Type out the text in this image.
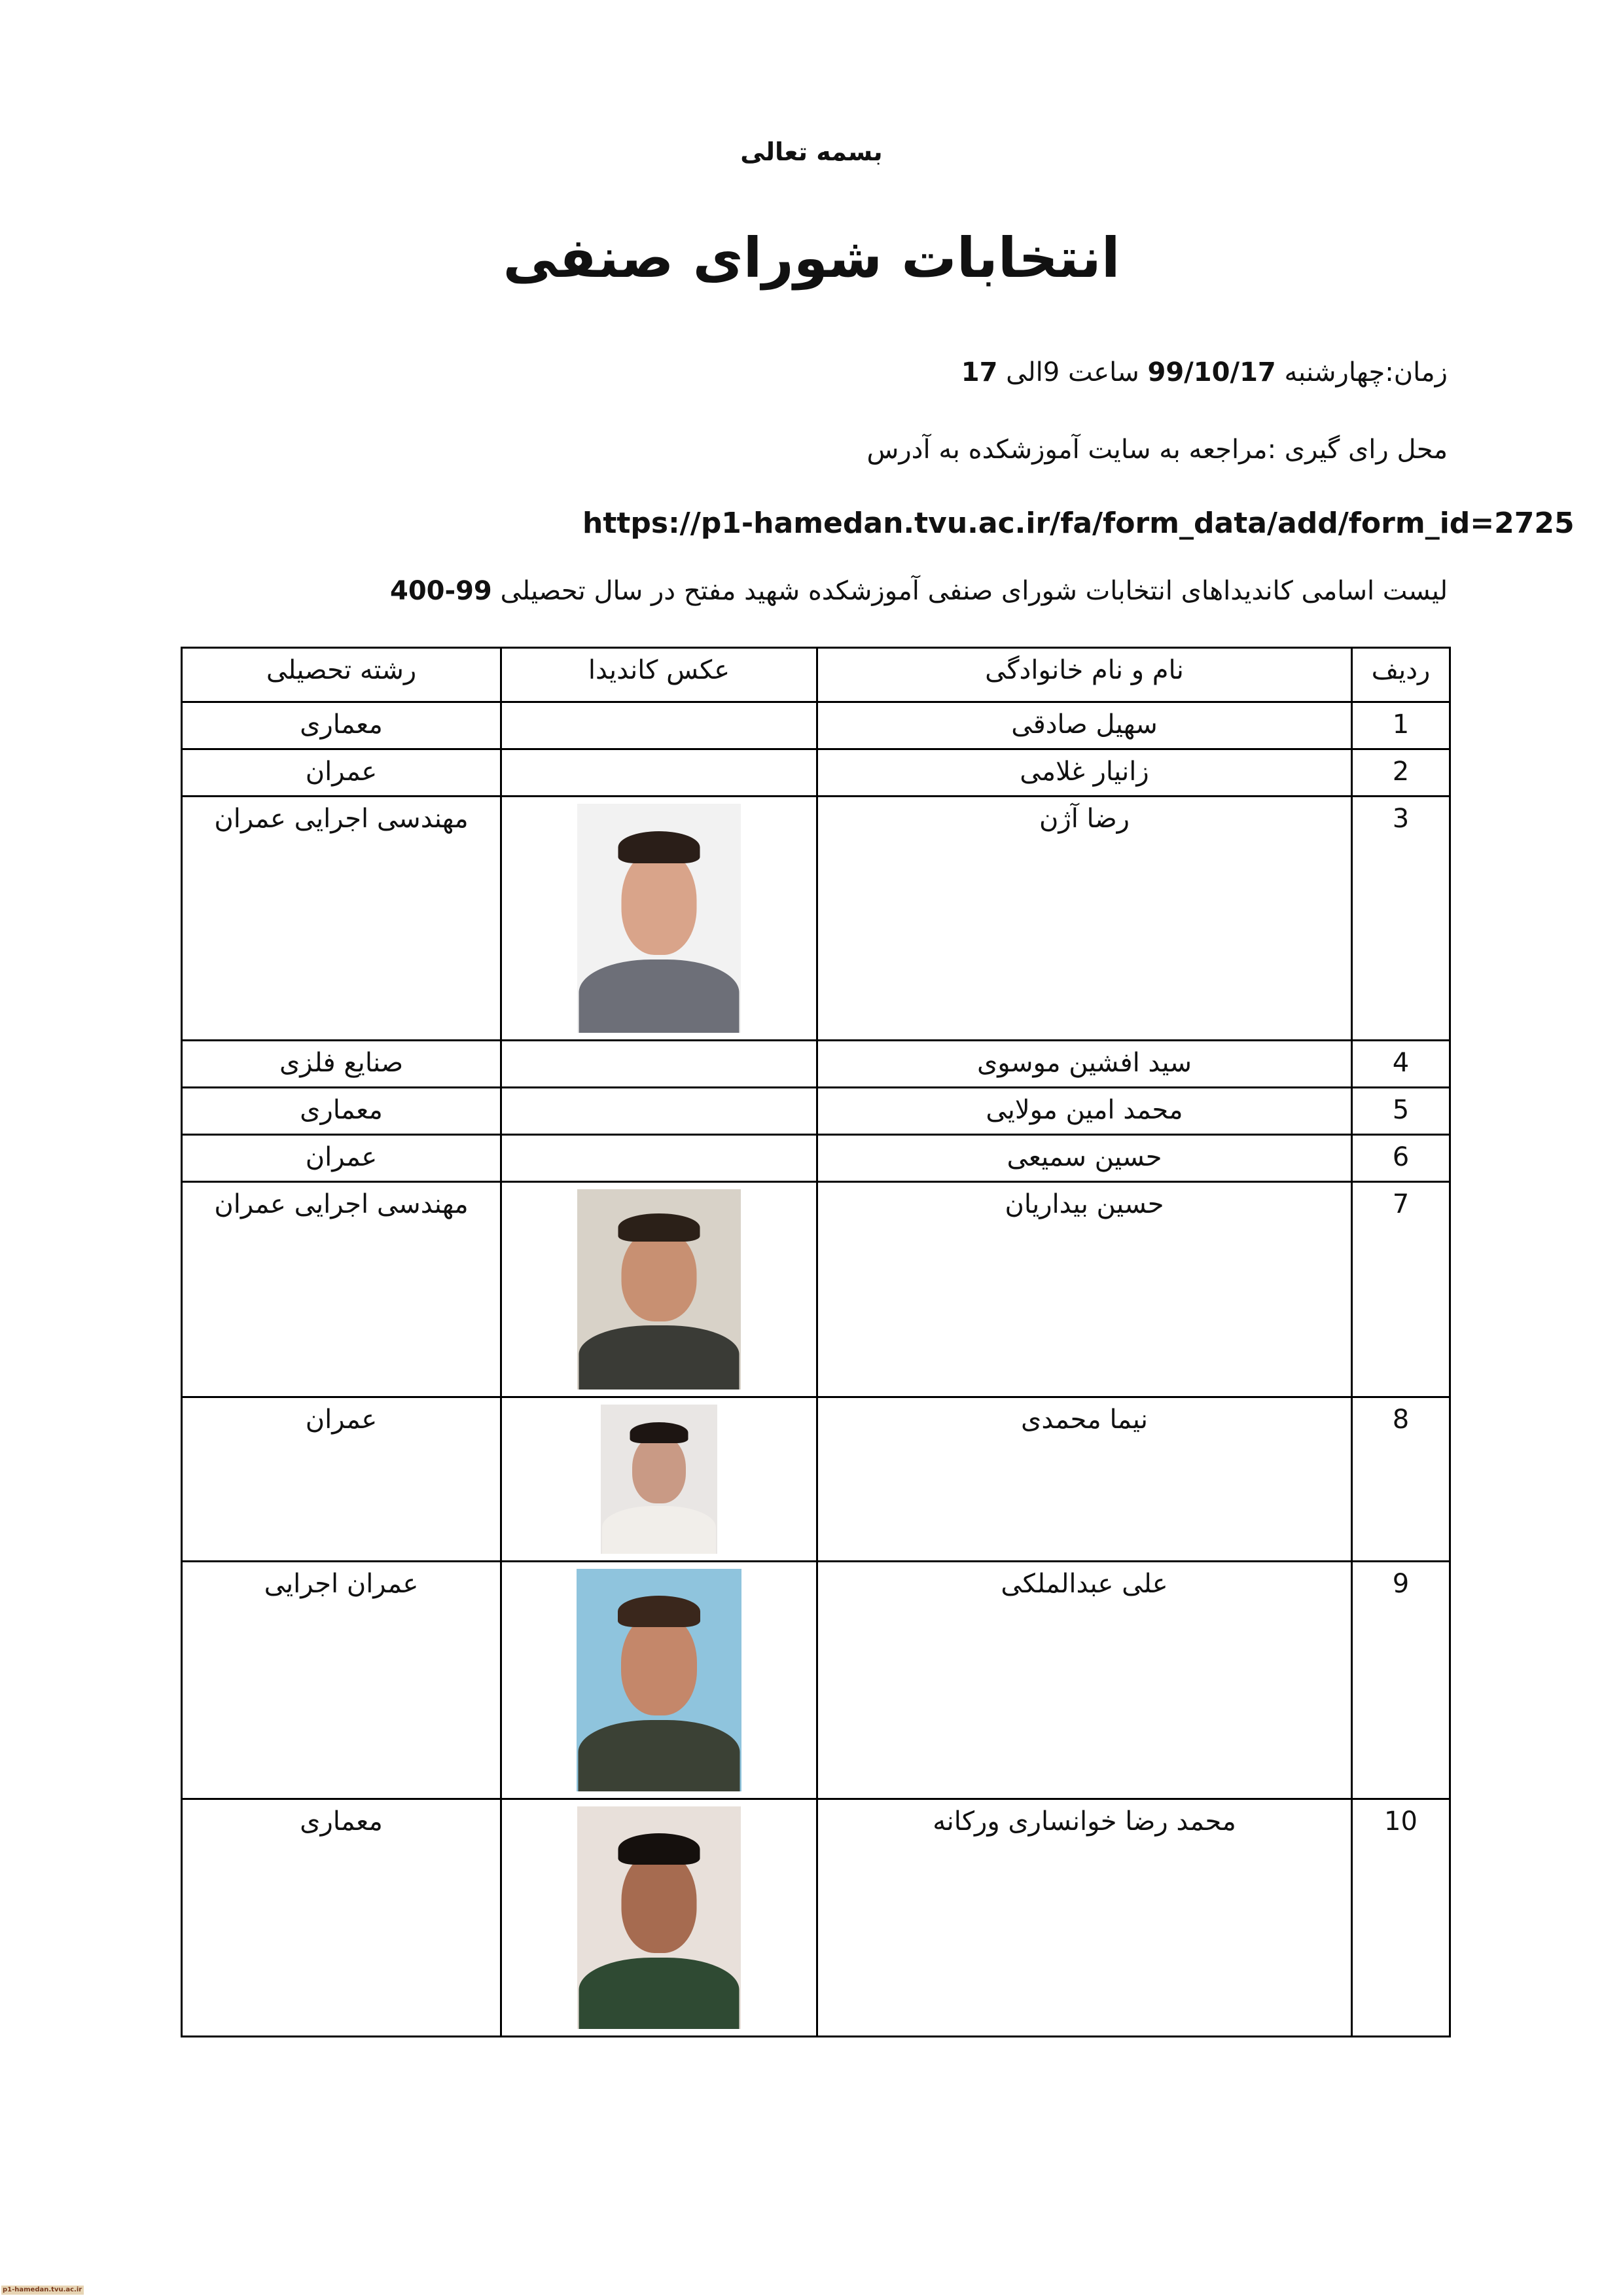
بسمه تعالی
انتخابات شورای صنفی
زمان:چهارشنبه 99/10/17 ساعت 9الی 17
محل رای گیری :مراجعه به سایت آموزشکده به آدرس
https://p1-hamedan.tvu.ac.ir/fa/form_data/add/form_id=2725
لیست اسامی کاندیداهای انتخابات شورای صنفی آموزشکده شهید مفتح در سال تحصیلی 400-99
ردیف	نام و نام خانوادگی	عکس کاندیدا	رشته تحصیلی
1	سهیل صادقی		معماری
2	زانیار غلامی		عمران
3	رضا آژن		مهندسی اجرایی عمران
4	سید افشین موسوی		صنایع فلزی
5	محمد امین مولایی		معماری
6	حسین سمیعی		عمران
7	حسین بیداریان		مهندسی اجرایی عمران
8	نیما محمدی		عمران
9	علی عبدالملکی		عمران اجرایی
10	محمد رضا خوانساری ورکانه		معماری
p1-hamedan.tvu.ac.ir
